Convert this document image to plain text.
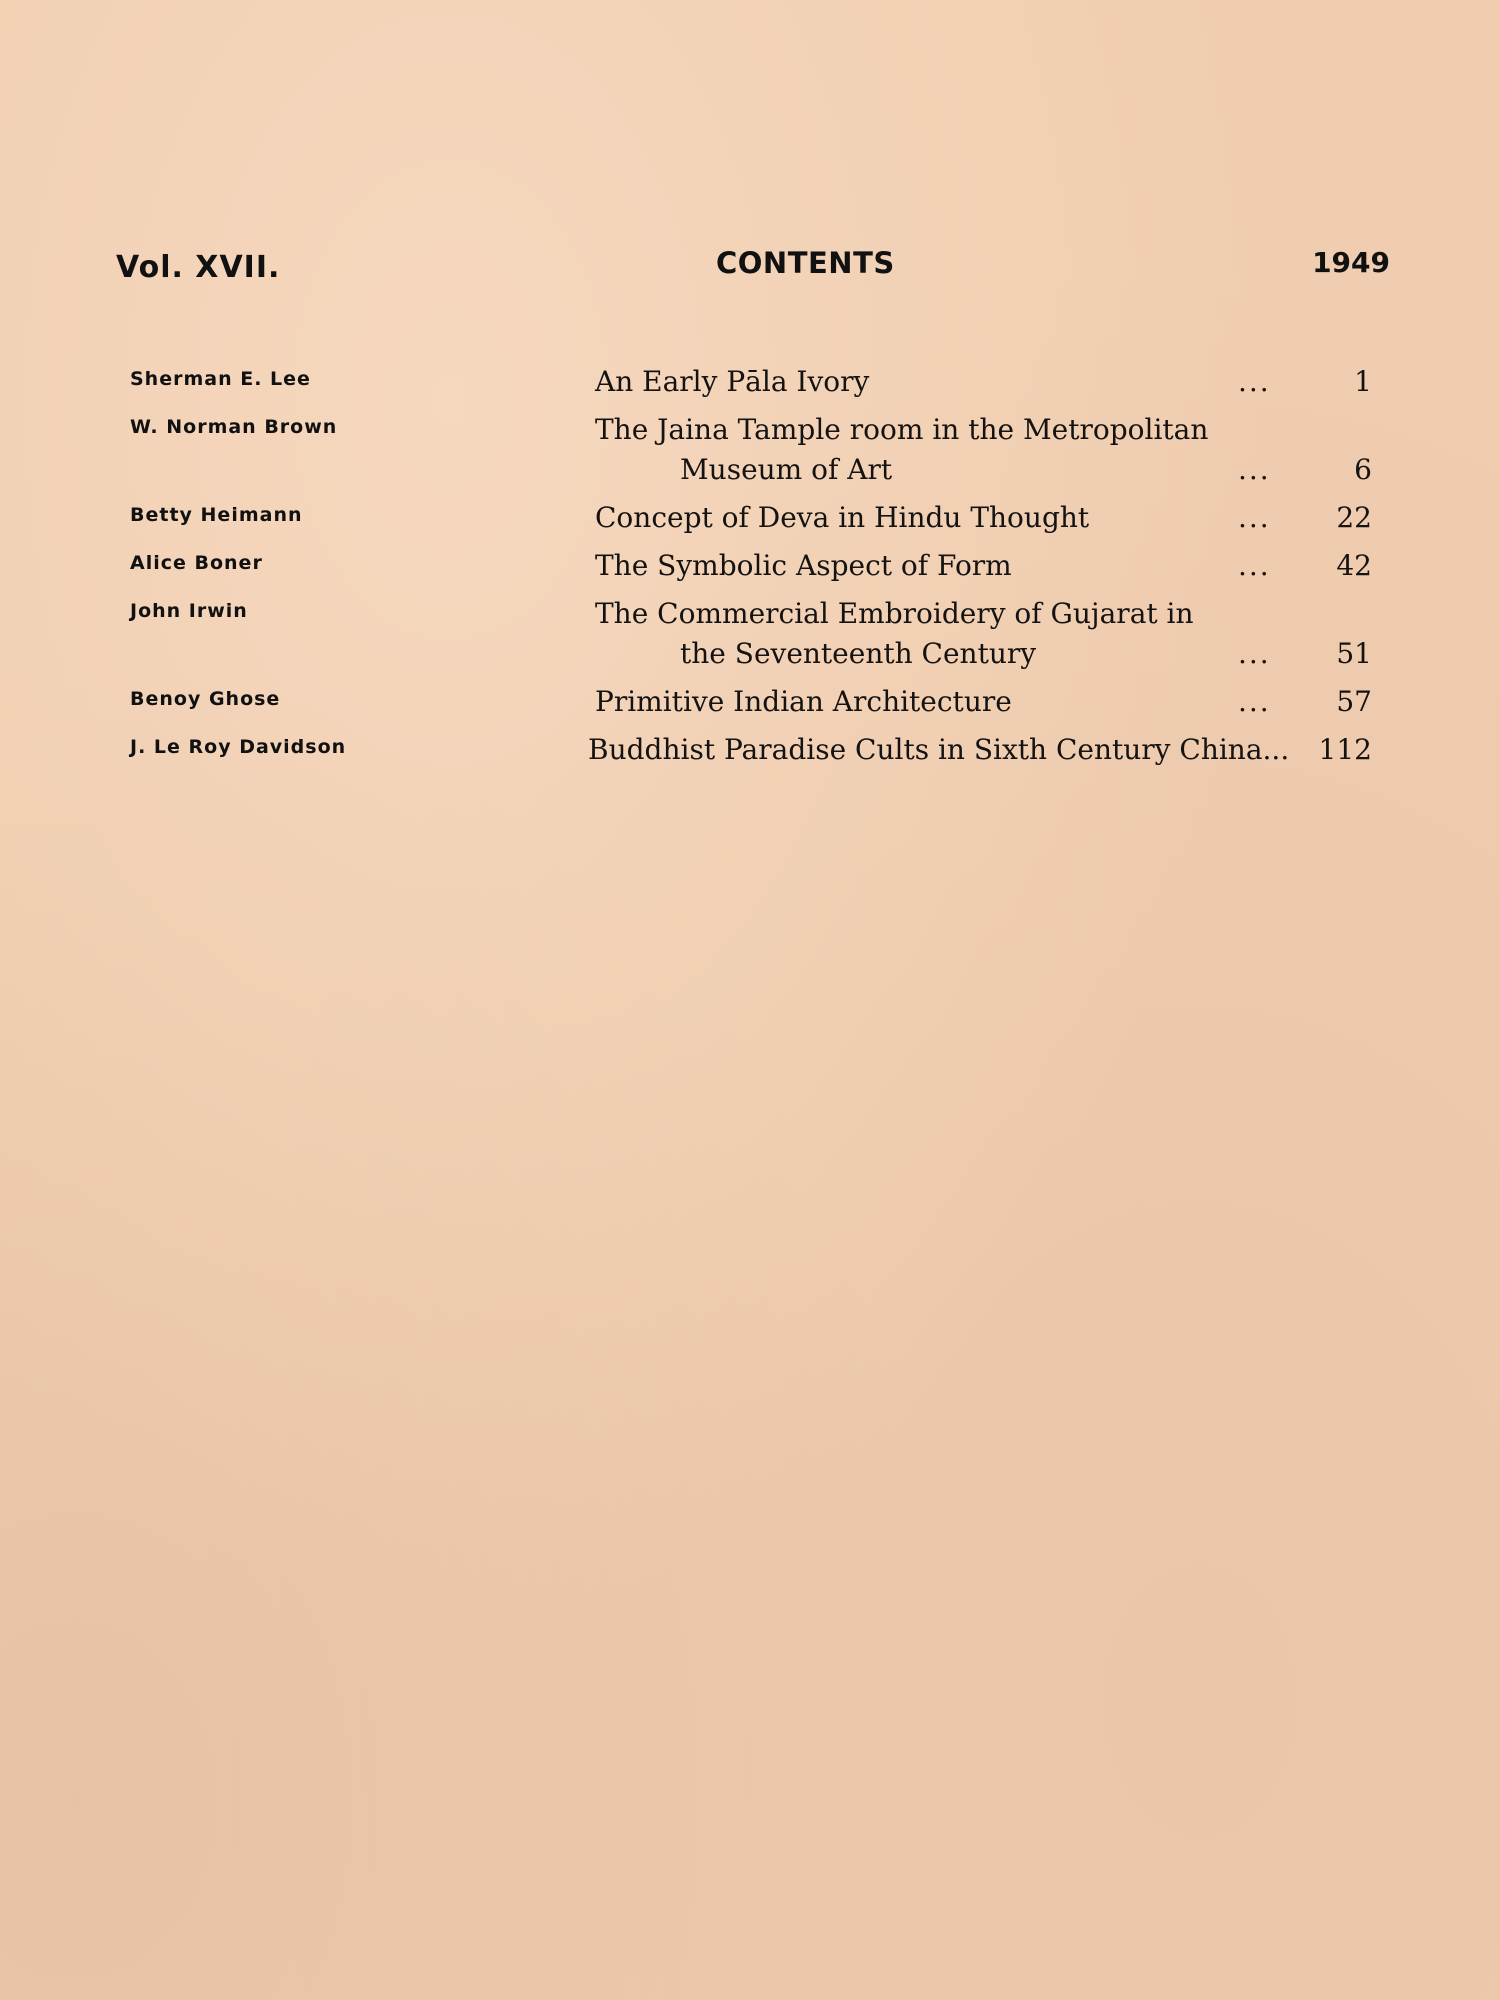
Vol. XVII.	CONTENTS	1949
Sherman E. Lee	An Early Pāla Ivory	...	1
W. Norman Brown	The Jaina Tample room in the Metropolitan
Museum of Art	...	6
Betty Heimann	Concept of Deva in Hindu Thought	... 22
Alice Boner	The Symbolic Aspect of Form	... 42
John Irwin	The Commercial Embroidery of Gujarat in
the Seventeenth Century	... 51
Benoy Ghose	Primitive Indian Architecture	... 57
J. Le Roy Davidson	Buddhist Paradise Cults in Sixth Century China... 112
